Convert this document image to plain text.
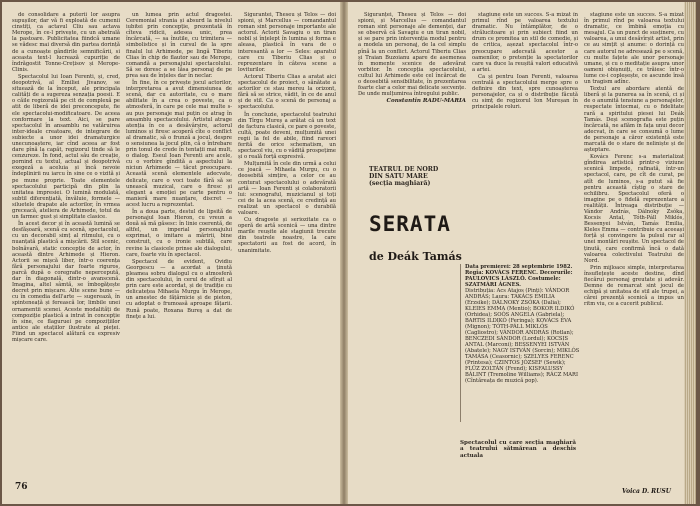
de consolidare a puterii lor asupra supușilor, dar vă fi exploată de cumenii cinstiți, ca actavul Cliu sau actava Merope, în ce-l privește, cu un abetrală la pastoare. Publicitatea fiindcă umane se vădesc mai diversă din partea dorință de a cunoaște gândirile semnificării, si aceasta text-l lucrează cupuriție de îndrăgostit Tonne-Crețisov și Merope-Clinis.

Spectacolul lui Ioan Ferenti, și, cred, deopotrivă, al Emiliei Jivanov, se situează de la început, ale principala calități de a sugereza senzația poesii. E o căile regizorală pe cit de complexă pe atit de liberă de idei preconcepute, fie ele spectacolui-modificatoare. De aceea conformare la text. Aici, se pare spectacolul în ansamblu ne vatăruirea inter-ideale creatoare, de integrare de subiecte a unor idei dramaturgice unecunoaștere, iar cînd aceea ar fost dare pînă la capăt, regizorul tinde să le cenzureze. În fond, actul său de creație, pornind cu textul, actual și deopotrivă exegeză a aceluia și încă nevoie îndeplinirii nu iarcu în sine ce o vizită și pe mune proprie. Toate elementele spectacolului participă din plin la unitatea impresiei. O lumină modulată, subtil diferențiată, învăluie, formele — siluetele drapate ale actorilor, în vrmea greceacă, ateliera de Arhimede, totul da un farmec gust și simplitate clasice.

În acest decor și în această lumină se desfășoară, scenă cu scenă, spectacolul, cu un decorabil simț al ritmului, cu o nuanțată plastică a mișcării. Stil scenic, bolnăvară, static concepție de actor, în această dintre Arhimede și Hieron. Actorii se mișcă liber, într-o coerența fără personajului dar foarte riguros, parcă după o coregrafie nepercepută, dar în diagonală, dintr-o avanscenă. Imagina, altel sâmtă, se îmbogățește decret prin mișcare. Alte scene bune — cu în comedia dell'arte — sugerează, în spinteneață și ferească lor, limbile unei ornamentii scenei. Aceste modalități de compoziție plastică a intrat în concepție în sine, ce flaguruei pe compozițiilor antice ale etațiilor ilustrate al pieței. Fiind un spectacol alătură cu expresiv mișcare care.

un lumea prin actul dragostei. Ceremonial strania și absurd la nivelul iubitei prin concepție, prezentată în cîteva ridicii, adesea unic, prea încărcată, — sa înutile, cu trimitera — simbolistice și în cursul de la spre finalul lui Arhimede, pe lingă Tiberiu Clias în chip de flautor sau de Merope, comandă a personajului spectacolului. Să se doresc a se lăsa personaj de pe prea sau de înțeles dar în neclar.

În fine, în ce privește jocul actorilor, interpretarea a avut dimensiunea de scenă, dar cu autoritate, cu o mare abilitate în a crea o poveste, ca o atmosferă, în care pe cele mai multe s-au pus personaje mai puțin ce atrag în ansamblu spectacolului. Artistul atrage atenția în ce a desăvârșire, actorul luminos și firesc acoperă cîte o conflict al dramatic, să o frunză a jocul, despre o sensiunea la jocul plin, că o întrebare prin tonul de crede în tentații mai mult, o dialog. Eseul Ioan Ferenti are acele, cu o vorbire gîndită a aspectului la niciun Arhimede — tăcut preocupare. Această scenă elementele adecvate, delicate, care o voci toate fără să se unească muzical, care o firesc și elegant a emoției pe carte pentru o manieră mare nuanțare, discret — acest lucru a reprezentat.

În a doua parte, destul de lipsită de personajul Ioan Hieron, cu vreun a două să mă găsesc: în linie coerentă, de altfel, un imperial personajului exprimat, o imitare a măririi, bine construit, cu o ironie subtilă, care revine la clasicele prinse ale dialogului, care, foarte viu în spectacol.

Spectacol de evident, Ovidiu Georgescu — a acordat a ținută pleamea sobru dialogul cu o atmosferă din spectacolului, în cerul de sfîrșit al prin care este acordat, și de tradiție cu delicatețea Mihaela Murgu în Merope, un amestec de fățărnicie și de pieton, cu adoptat o frumoasă aproape fățarii. Rună poate, Roxana Bureş a dat de fineţe a lui.

Sigurantei, Theseu și Telos — doi spioni, și Marcellus — comandantul roman sint personaje importante ale actorul. Actorii Savagiu o un tiran nobil și înțelept în lumina și forma e aleasa, plastică în vara de o interesantă a lor — Seles: aparatul care cu Tiberiu Clias și o reprezentare în câteva scene a loviturilor.

Actorul Tiberiu Clias a aratat aici spectacolul de proiect, o sănătate a actorilor ce stau mereu la orizont, fără să se strice, vădit, în ce de anul și de stil. Ca o scenă de personaj a spectacolului.

În concluzie, spectacolul teatrului din Tîrgu Mureș a arătat că un text de factura clasică, ce pare o poveste, cultă, poate deveni, mulțumită unei regii la fel de abile, fiind rareori ferită de orice schematism, un spectacol viu, cu o vădită prospețime și o reală forță expresivă.

Mulțumită în cele din urmă a celui ce joacă — Mihaela Murgu, cu o deosebită simțire, a celor ce au conturat spectacolului o adevărată artă — Ioan Ferenti și colaboratorii lui: scenograful, muzicianul și toți cei de la acea scenă, ce credință au realizat un spectacol o durabilă valoare.

Cu dragoste și seriozitate ca o operă de artă scenică — una dintre marile reușite ale stagiunii trecute din teatrele noastre, la care spectatorii au fost de acord, în unanimitate.

76

Siguranței, Theseu și Telos — doi spioni, și Marcellus — comandantul roman sint personaje ale demenței, dar se observă că Savagiu e un tiran nobil, și se pare prin intervenția modul pentru a modela un personaj, de la cel simplu pînă la un conflict. Actorul Tiberiu Clias și Traian Buzoianu apare de asemenea în momente scenice de adevărat vorbitor. În concepția spectacolului, cultul lui Arhimede este cel încărcat de o deosebită sensibilitate, în prezentarea foarte clar a celor mai delicate secvențe. De unde mulțumirea întregului public.

Constantin RADU-MARIA

stagiune este un succes. S-a mizat în primul rînd pe valoarea textului dramatic. Nu întâmplător, de o strălucitoare și prin subiect fiind un drum ce promitea un stil de comedie, și de critica, așezat spectacolul într-o preocupare adecvată acestor a oamenilor, o pretenție la spectatorilor care va duce la reușită valori educativă a artei.

Ca și pentru Ioan Ferenti, valoarea centrală a spectacolului merge spre o definire din text, spre cunoașterea personajelor, ca și o distribuție făcută cu simț de regizorul Ion Mureșan în principalele roluri.

stagiune este un succes. S-a mizat în primul rînd pe valoarea textului dramatic, ce îmbină emoția cu mesajul. Ca un punct de susținere, cu valoarea, a unui desăvîrșit artist, prin ce au simțit și anume: o dorință cu care autorul ne adresează pe o scenă, cu multe fațete ale unor personaje umane, și cu o meditație asupra unor oameni obișnuiți, ce trăiesc într-o lume ce-i copleșește, ce ascunde însă un tragism adînc.

Textul are abordare atentă de liberă și la punerea sa în scenă, ci și de o anumită tensiune a personajelor, respectate întocmai, cu o fidelitate rară a spiritului piesei lui Deák Tamás. Deși scenografia este puțin încărcată, ne aflăm în fața unui decor adecvat, în care se consumă o lume de personaje a căror existență este marcată de o stare de neliniște și de așteptare.

Kovács Ferenc s-a materializat gîndirea artistică printr-o viziune scenică limpede, rafinată, într-un spectacol, care, pe cît de curat, pe atît de luminos, s-a putut să fie pentru această cîștig o stare de echilibru. Spectacolul oferă o imagine pe o fidelă reprezentare a realității. Întreaga distribuție — Vándor András, Dálnoky Zsóka, Kocsis Antal, Tóth-Páll Miklós, Bessenyei István, Tamás Emilia, Kleles Emma — contribuie cu aceeași forță și convingere la pulsul rar al unei montări reușite. Un spectacol de ținută, care confirmă încă o dată valoarea colectivului Teatrului de Nord.

Prin mijloace simple, interpretarea însuflețește aceste destine, dînd fiecărui personaj greutate și adevăr. Demne de remarcat sint jocul de echipă și unitatea de stil ale trupei, a cărei prezență scenică a impus un ritm viu, ce a cucerit publicul.

TEATRUL DE NORD DIN SATU MARE (secția maghiară)
SERATA
de Deák Tamás
Data premierei: 28 septembrie 1982.
Regia: KOVÁCS FERENC. Decorurile: PAULOVICS LÁSZLÓ. Costumele: SZATMÁRI ÁGNES.
Distribuția: Acs Atajos (Pinți): VÁNDOR ANDRÁS; Laura: TAKÁCS EMILIA (Erzsike); DÁLNOKY ZSÓKA (Dalia); KLEIES EMMA (Mentio); BOKOR ILDIKÓ (Orhidea); SOÓS ANGELA (Gabriela); BARTIS ILDIKÓ (Feringa); KOVÁCS ÉVA (Mignon); TÓTH-PÁLL MIKLÓS (Cagliostro); VÁNDOR ANDRÁS (Rotlan); BENCZEDI SÁNDOR (Lordul); KOCSIS ANTAL (Marconi); BESSENYEI ISTVÁN (Abatele); NAGY ISTVÁN (Sorcin); MIKLÓS TAMÁSA (Ceasornic); SZELYES FERENC (Printesa); CZINTOS JÓZSEF (Sewik); FLÜZ ZOLTÁN (Frend); KISFALUSSY BÁLINT (Tremoline Williams); RÁCZ MARI (Cîntăreața de muzică pop).
Spectacolul cu care secția maghiară a teatrului sătmărean a deschis actuala
Voica D. RUSU
